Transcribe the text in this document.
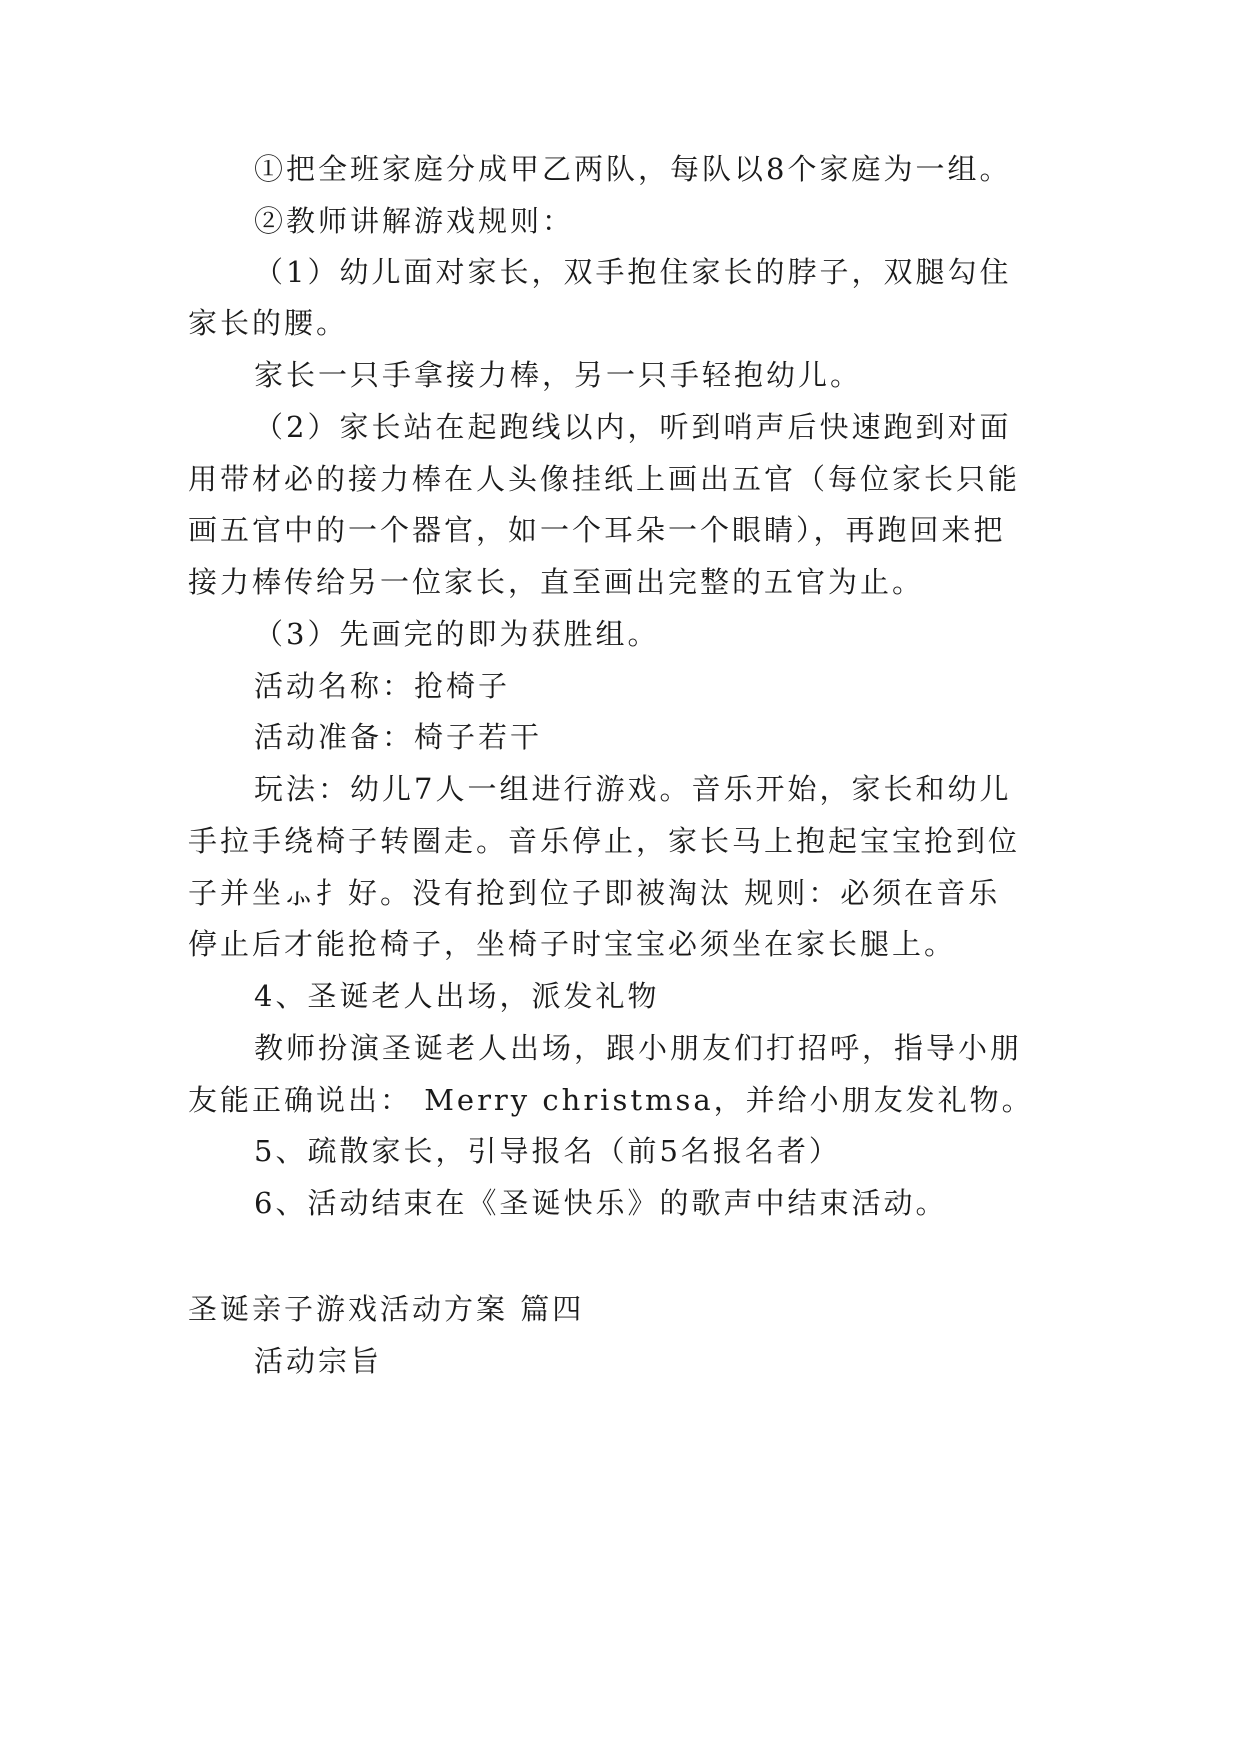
①把全班家庭分成甲乙两队，每队以8个家庭为一组。
②教师讲解游戏规则：
（1）幼儿面对家长，双手抱住家长的脖子，双腿勾住
家长的腰。
家长一只手拿接力棒，另一只手轻抱幼儿。
（2）家长站在起跑线以内，听到哨声后快速跑到对面
用带材必的接力棒在人头像挂纸上画出五官（每位家长只能
画五官中的一个器官，如一个耳朵一个眼睛），再跑回来把
接力棒传给另一位家长，直至画出完整的五官为止。
（3）先画完的即为获胜组。
活动名称：抢椅子
活动准备：椅子若干
玩法：幼儿7人一组进行游戏。音乐开始，家长和幼儿
手拉手绕椅子转圈走。音乐停止，家长马上抱起宝宝抢到位
子并坐⺗⺘好。没有抢到位子即被淘汰 规则：必须在音乐
停止后才能抢椅子，坐椅子时宝宝必须坐在家长腿上。
4、圣诞老人出场，派发礼物
教师扮演圣诞老人出场，跟小朋友们打招呼，指导小朋
友能正确说出： Merry christmsa，并给小朋友发礼物。
5、疏散家长，引导报名（前5名报名者）
6、活动结束在《圣诞快乐》的歌声中结束活动。
圣诞亲子游戏活动方案 篇四
活动宗旨
